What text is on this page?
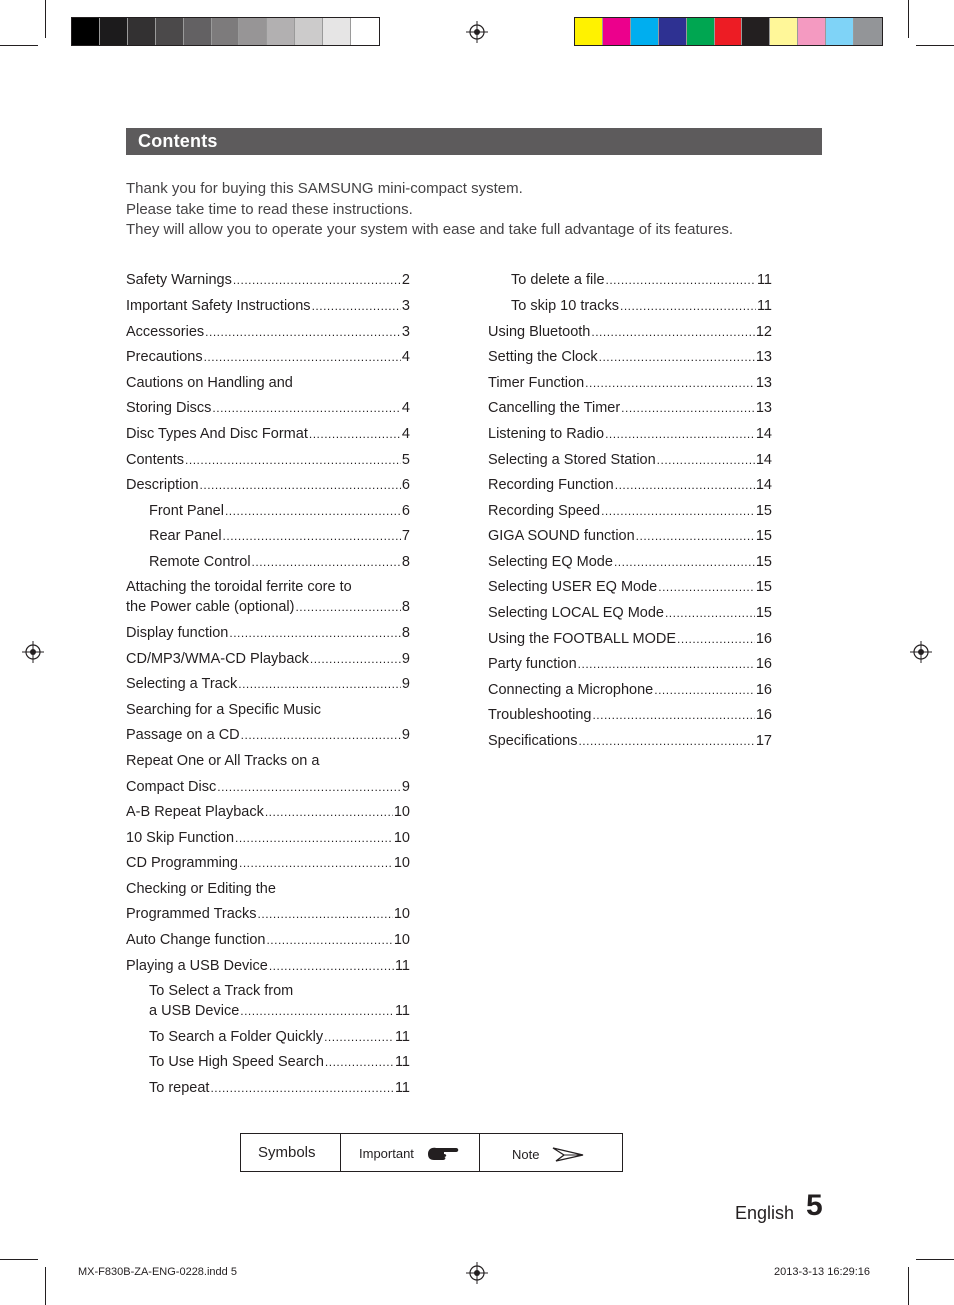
Contents
Thank you for buying this SAMSUNG mini-compact system.
Please take time to read these instructions.
They will allow you to operate your system with ease and take full advantage of its features.
Safety Warnings .....	2
Important Safety Instructions .....	3
Accessories .....	3
Precautions .....	4
Cautions on Handling and
Storing Discs .....	4
Disc Types And Disc Format .....	4
Contents .....	5
Description .....	6
Front Panel .....	6
Rear Panel .....	7
Remote Control .....	8
Attaching the toroidal ferrite core to
the Power cable (optional) .....	8
Display function .....	8
CD/MP3/WMA-CD Playback .....	9
Selecting a Track .....	9
Searching for a Specific Music
Passage on a CD .....	9
Repeat One or All Tracks on a
Compact Disc .....	9
A-B Repeat Playback .....	10
10 Skip Function .....	10
CD Programming .....	10
Checking or Editing the
Programmed Tracks .....	10
Auto Change function .....	10
Playing a USB Device .....	11
To Select a Track from
a USB Device .....	11
To Search a Folder Quickly .....	11
To Use High Speed Search .....	11
To repeat .....	11
To delete a file .....	11
To skip 10 tracks .....	11
Using Bluetooth .....	12
Setting the Clock .....	13
Timer Function .....	13
Cancelling the Timer .....	13
Listening to Radio .....	14
Selecting a Stored Station .....	14
Recording Function .....	14
Recording Speed .....	15
GIGA SOUND function .....	15
Selecting EQ Mode .....	15
Selecting USER EQ Mode .....	15
Selecting LOCAL EQ Mode .....	15
Using the FOOTBALL MODE .....	16
Party function .....	16
Connecting a Microphone .....	16
Troubleshooting .....	16
Specifications .....	17
Symbols	Important	Note
English 5
MX-F830B-ZA-ENG-0228.indd 5	2013-3-13 16:29:16
